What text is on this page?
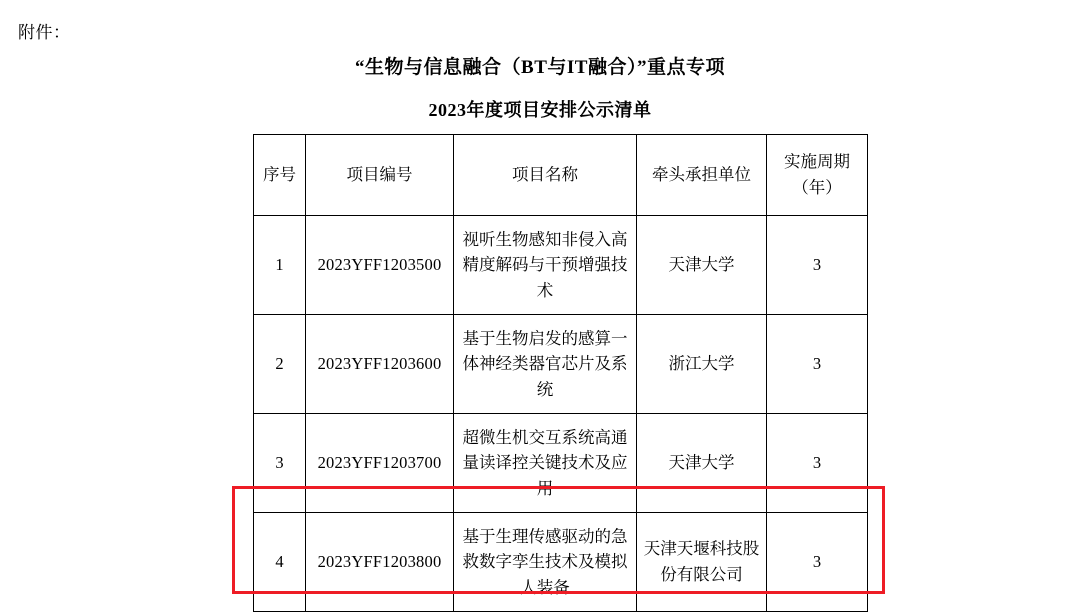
附件：
“生物与信息融合（BT与IT融合）”重点专项
2023年度项目安排公示清单
序号	项目编号	项目名称	牵头承担单位	实施周期（年）
1	2023YFF1203500	视听生物感知非侵入高精度解码与干预增强技术	天津大学	3
2	2023YFF1203600	基于生物启发的感算一体神经类器官芯片及系统	浙江大学	3
3	2023YFF1203700	超微生机交互系统高通量读译控关键技术及应用	天津大学	3
4	2023YFF1203800	基于生理传感驱动的急救数字孪生技术及模拟人装备	天津天堰科技股份有限公司	3
